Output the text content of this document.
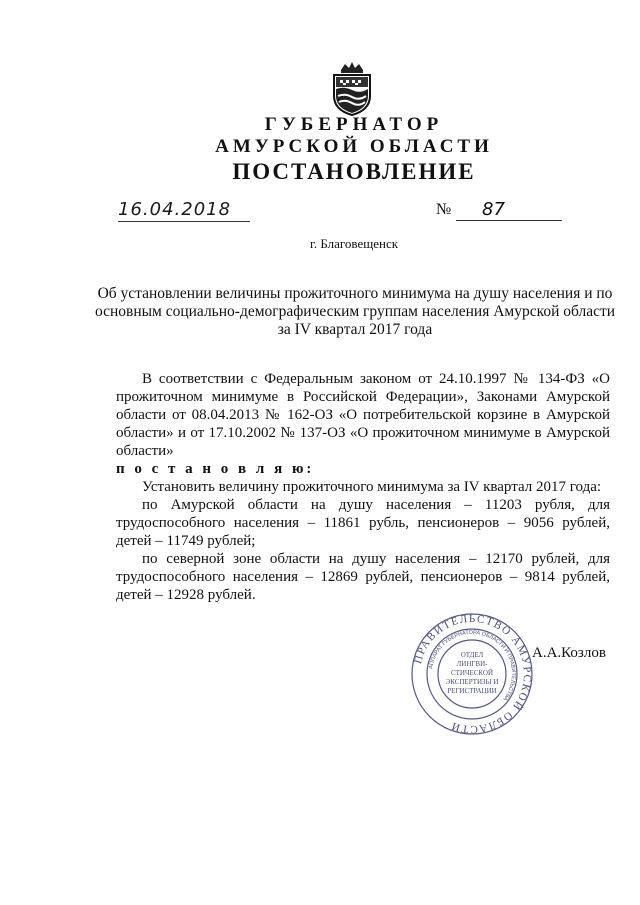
ГУБЕРНАТОР
АМУРСКОЙ ОБЛАСТИ
ПОСТАНОВЛЕНИЕ
16.04.2018	№	87
г. Благовещенск
Об установлении величины прожиточного минимума на душу населения и по основным социально-демографическим группам населения Амурской области за IV квартал 2017 года

В соответствии с Федеральным законом от 24.10.1997 № 134-ФЗ «О прожиточном минимуме в Российской Федерации», Законами Амурской области от 08.04.2013 № 162-ОЗ «О потребительской корзине в Амурской области» и от 17.10.2002 № 137-ОЗ «О прожиточном минимуме в Амурской области»

п о с т а н о в л я ю:

Установить величину прожиточного минимума за IV квартал 2017 года:

по Амурской области на душу населения – 11203 рубля, для трудоспособного населения – 11861 рубль, пенсионеров – 9056 рублей, детей – 11749 рублей;

по северной зоне области на душу населения – 12170 рублей, для трудоспособного населения – 12869 рублей, пенсионеров – 9814 рублей, детей – 12928 рублей.

ПРАВИТЕЛЬСТВО АМУРСКОЙ ОБЛАСТИ
АППАРАТ ГУБЕРНАТОРА ОБЛАСТИ И ПРАВИТЕЛЬСТВА
ОТДЕЛ
ЛИНГВИ-
СТИЧЕСКОЙ
ЭКСПЕРТИЗЫ И
РЕГИСТРАЦИИ
А.А.Козлов
